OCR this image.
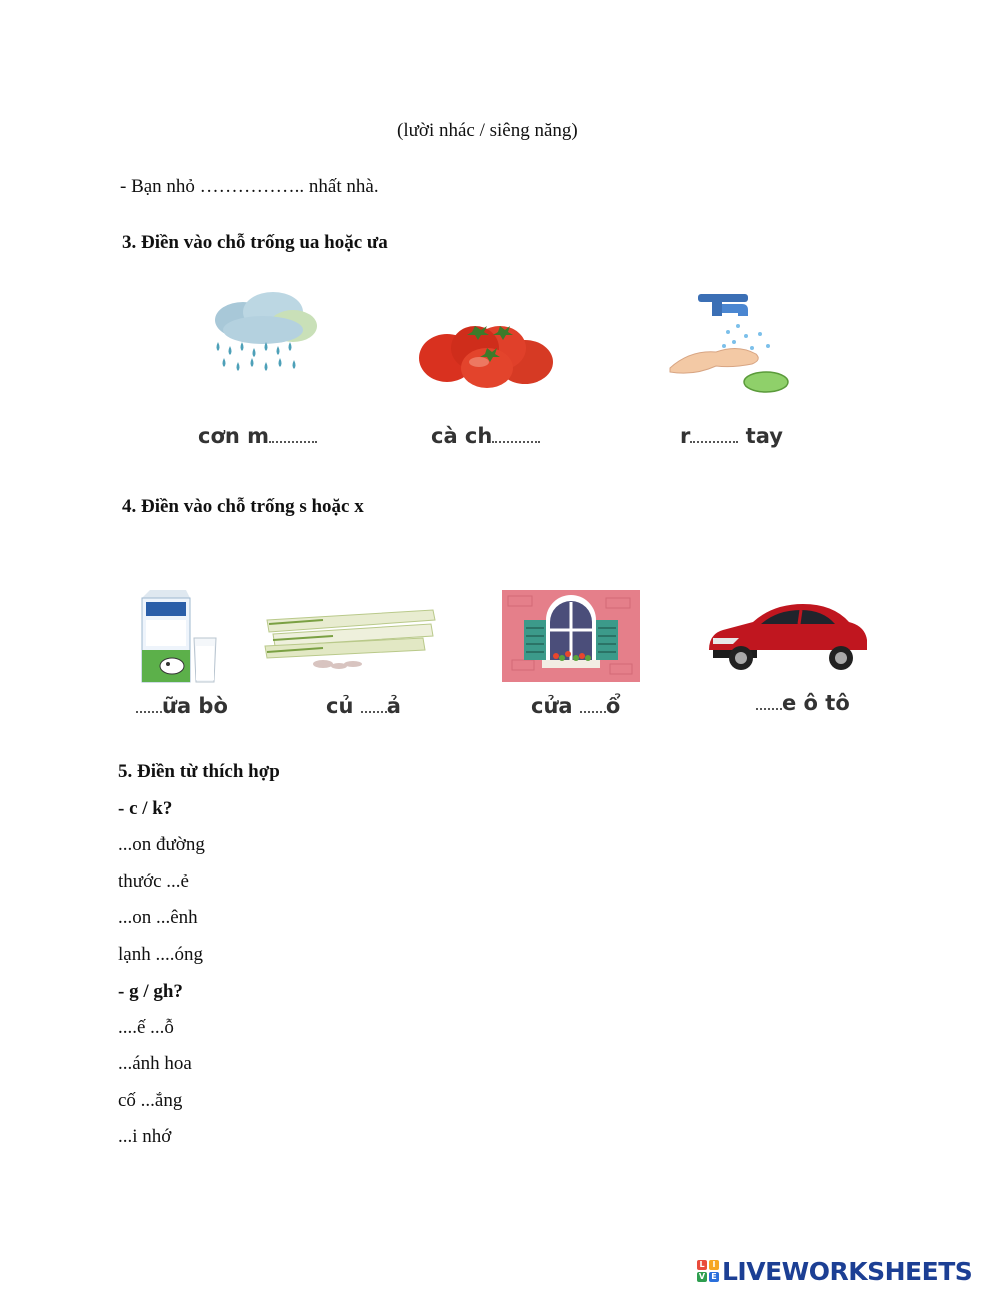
(lười nhác / siêng năng)
- Bạn nhỏ …………….. nhất nhà.
3. Điền vào chỗ trống ua hoặc ưa
cơn m	cà ch	r tay
4. Điền vào chỗ trống s hoặc x
ữa bò	củ ả	cửa ổ	e ô tô
5. Điền từ thích hợp
- c / k?
...on đường
thước ...ẻ
...on ...ênh
lạnh ....óng
- g / gh?
....ế ...ỗ
...ánh hoa
cố ...ắng
...i nhớ
L I
V E LIVEWORKSHEETS
